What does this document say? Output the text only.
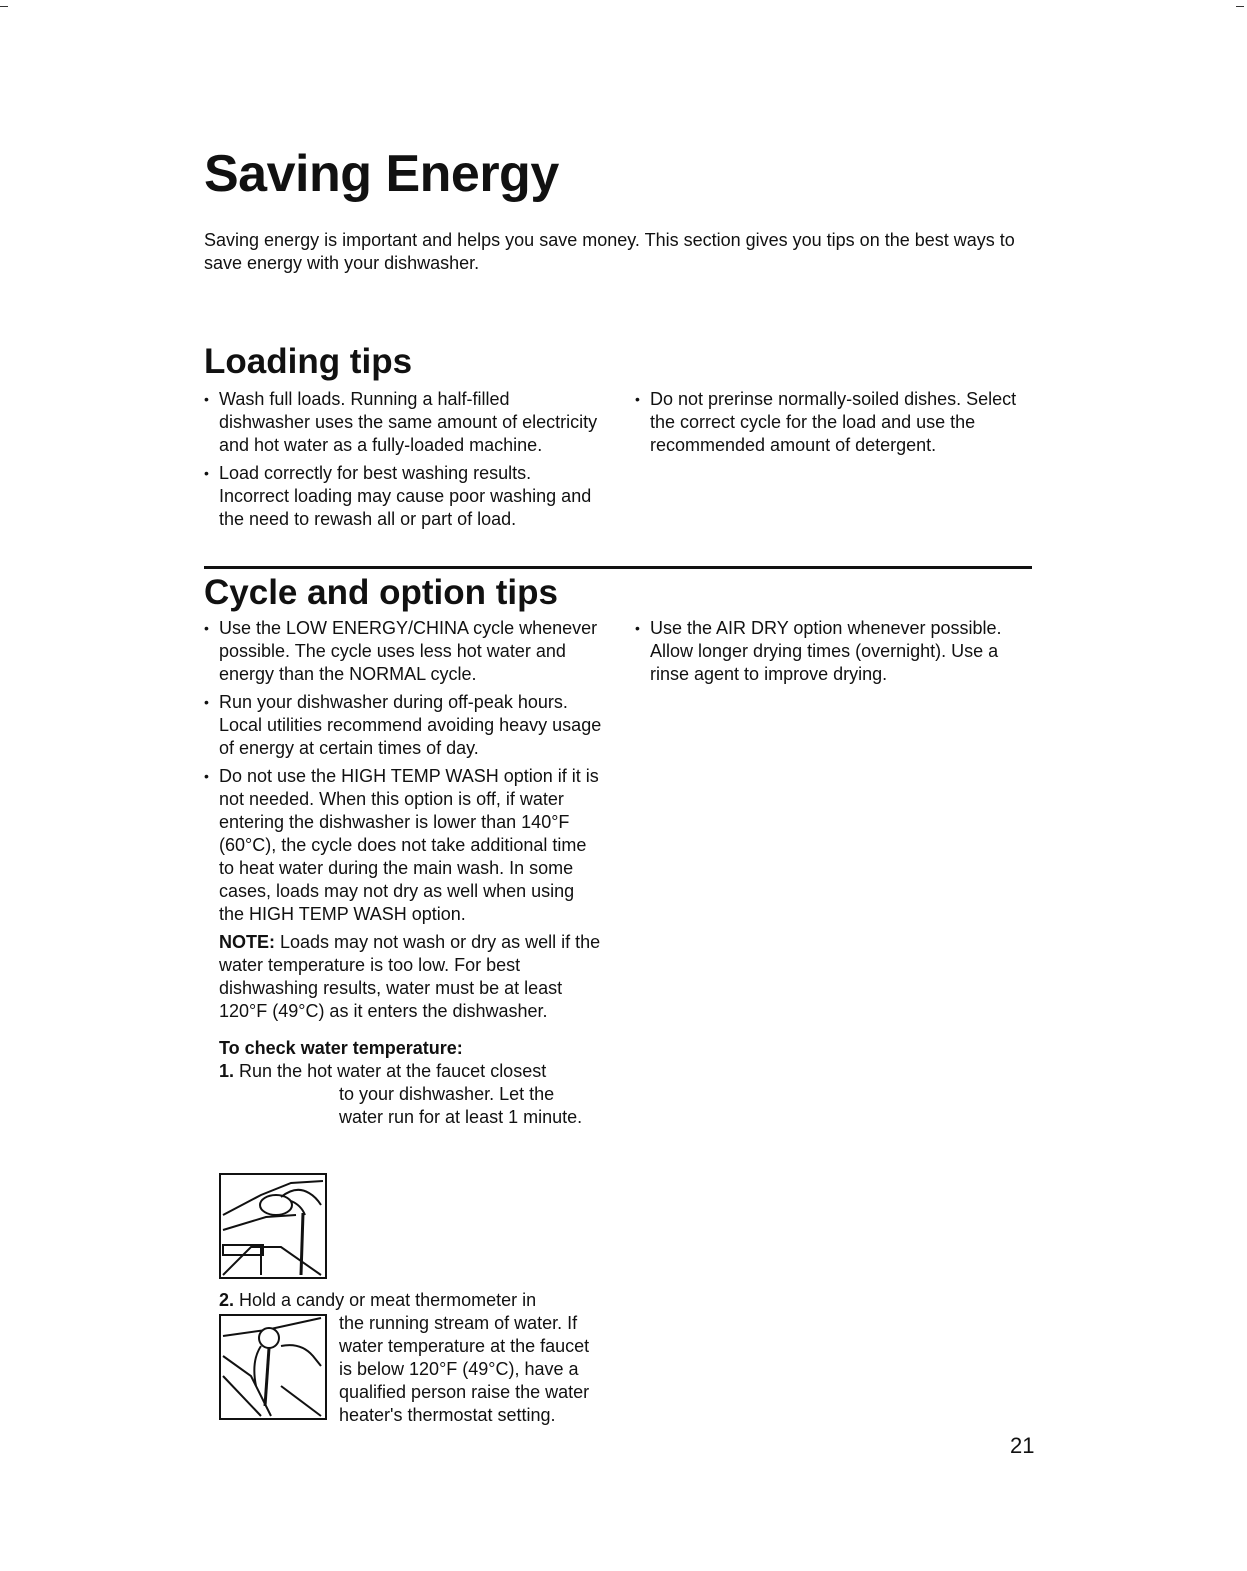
Saving Energy

Saving energy is important and helps you save money. This section gives you tips on the best ways to save energy with your dishwasher.

Loading tips
• Wash full loads. Running a half-filled dishwasher uses the same amount of electricity and hot water as a fully-loaded machine.
• Load correctly for best washing results. Incorrect loading may cause poor washing and the need to rewash all or part of load.
• Do not prerinse normally-soiled dishes. Select the correct cycle for the load and use the recommended amount of detergent.
Cycle and option tips
• Use the LOW ENERGY/CHINA cycle whenever possible. The cycle uses less hot water and energy than the NORMAL cycle.
• Run your dishwasher during off-peak hours. Local utilities recommend avoiding heavy usage of energy at certain times of day.
• Do not use the HIGH TEMP WASH option if it is not needed. When this option is off, if water entering the dishwasher is lower than 140°F (60°C), the cycle does not take additional time to heat water during the main wash. In some cases, loads may not dry as well when using the HIGH TEMP WASH option.

NOTE: Loads may not wash or dry as well if the water temperature is too low. For best dishwashing results, water must be at least 120°F (49°C) as it enters the dishwasher.

To check water temperature:

1. Run the hot water at the faucet closest

to your dishwasher. Let the water run for at least 1 minute.

2. Hold a candy or meat thermometer in

the running stream of water. If water temperature at the faucet is below 120°F (49°C), have a qualified person raise the water heater's thermostat setting.

• Use the AIR DRY option whenever possible. Allow longer drying times (overnight). Use a rinse agent to improve drying.
21
